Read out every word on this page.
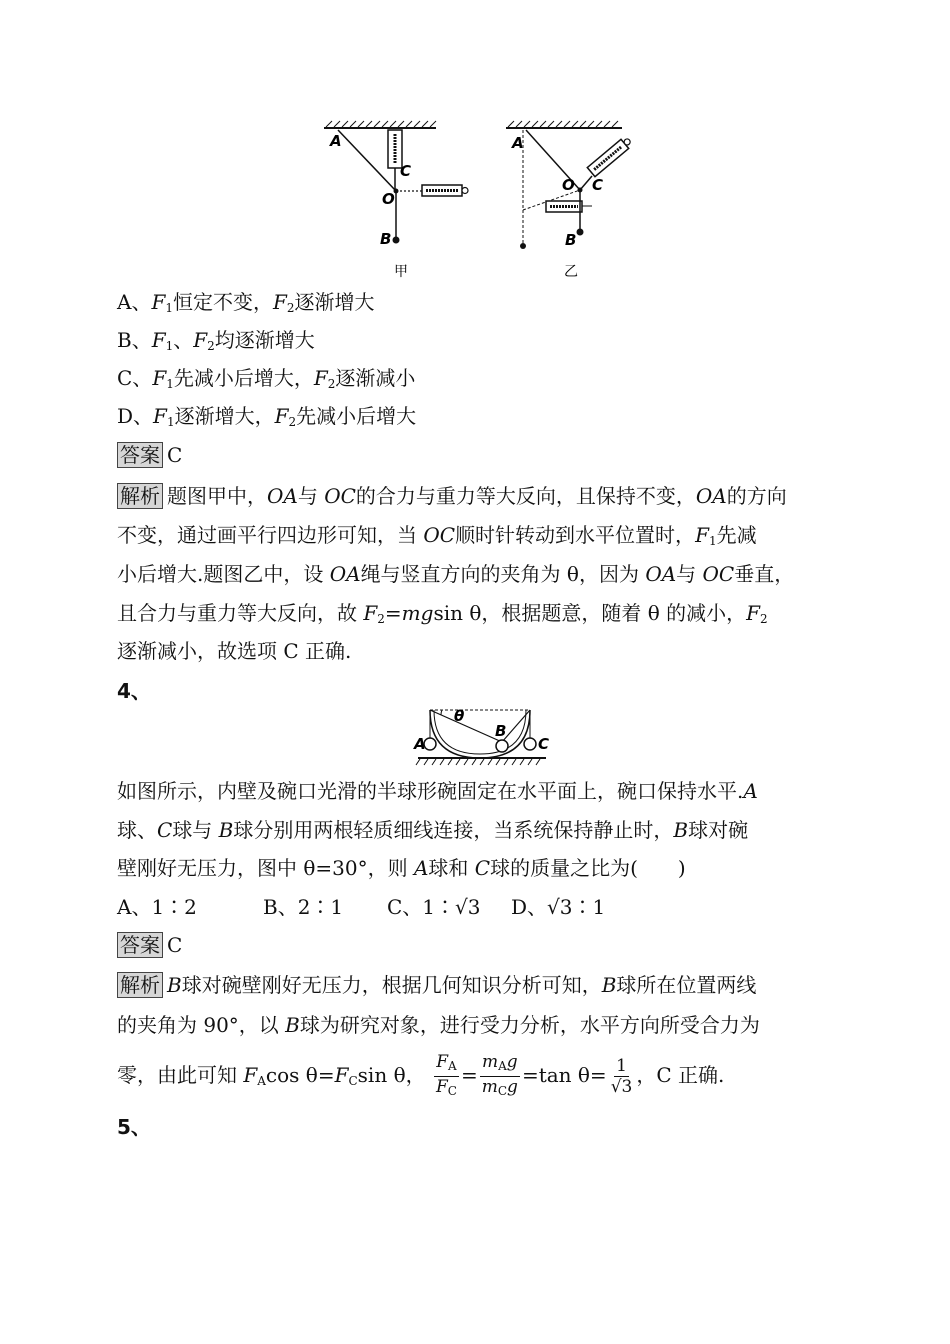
A
C
O
B
甲
A
O C
B
乙
A、$F_1$恒定不变，$F_2$逐渐增大
B、$F_1$、$F_2$均逐渐增大
C、$F_1$先减小后增大，$F_2$逐渐减小
D、$F_1$逐渐增大，$F_2$先减小后增大
答案 C
解析 题图甲中，OA与 OC的合力与重力等大反向，且保持不变，OA的方向
不变，通过画平行四边形可知，当 OC顺时针转动到水平位置时，$F_1$先减
小后增大.题图乙中，设 OA绳与竖直方向的夹角为 θ，因为 OA与 OC垂直，
且合力与重力等大反向，故 $F_2=mgsin$ θ，根据题意，随着 θ 的减小，$F_2$
逐渐减小，故选项 C 正确.
4、
θ
A
B
C
如图所示，内壁及碗口光滑的半球形碗固定在水平面上，碗口保持水平.A
球、C球与 B球分别用两根轻质细线连接，当系统保持静止时，B球对碗
壁刚好无压力，图中 θ=30°，则 A球和 C球的质量之比为(　　)
A、1∶2	B、2∶1 C、1∶√3 D、√3∶1
答案 C
解析 B球对碗壁刚好无压力，根据几何知识分析可知，B球所在位置两线
的夹角为 90°，以 B球为研究对象，进行受力分析，水平方向所受合力为
零，由此可知 $F_A\cos$ $\theta=F_C\sin$ θ， $\frac{F_A}{F_C} = \frac{m_Ag}{m_Cg} =\tan$ $\theta= \frac{1}{√3}$ ，C 正确.
5、
